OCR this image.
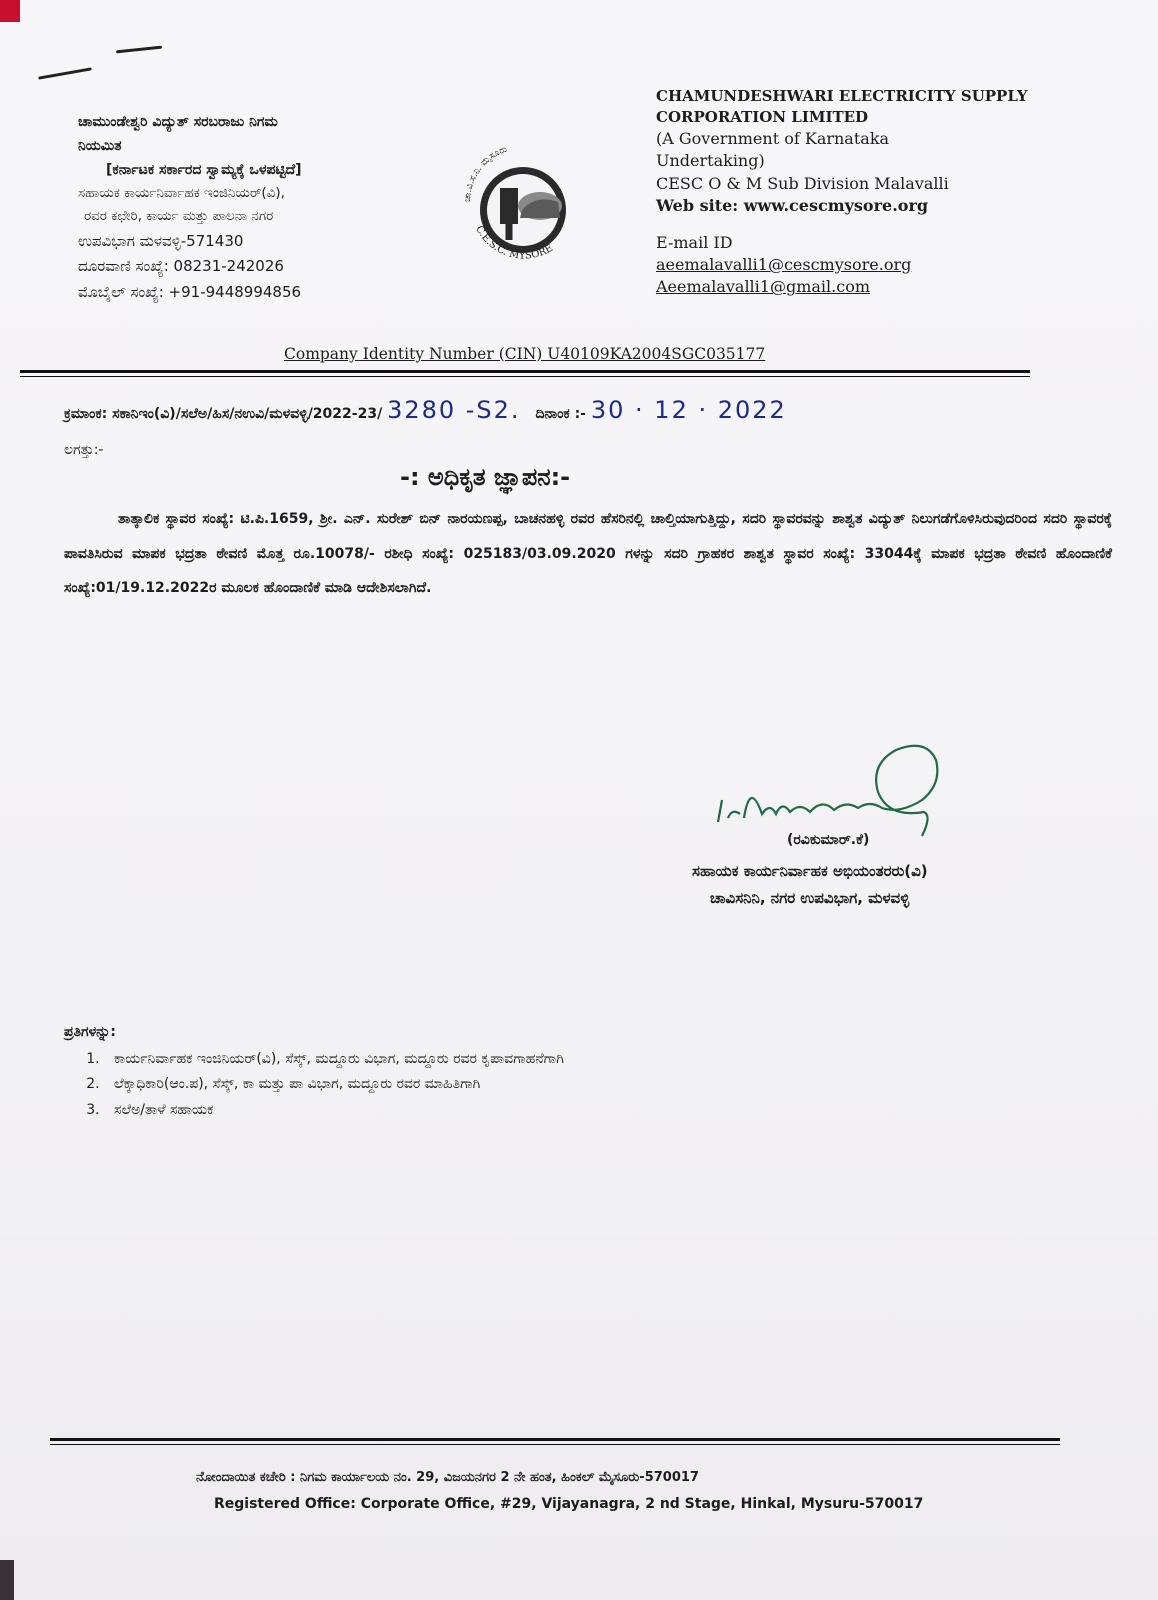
ಚಾಮುಂಡೇಶ್ವರಿ ವಿದ್ಯುತ್ ಸರಬರಾಜು ನಿಗಮ
ನಿಯಮಿತ
[ಕರ್ನಾಟಕ ಸರ್ಕಾರದ ಸ್ವಾಮ್ಯಕ್ಕೆ ಒಳಪಟ್ಟಿದೆ]
ಸಹಾಯಕ ಕಾರ್ಯನಿರ್ವಾಹಕ ಇಂಜಿನಿಯರ್(ವಿ),
ರವರ ಕಛೇರಿ, ಕಾರ್ಯ ಮತ್ತು ಪಾಲನಾ ನಗರ
ಉಪವಿಭಾಗ ಮಳವಳ್ಳಿ-571430
ದೂರವಾಣಿ ಸಂಖ್ಯೆ: 08231-242026
ಮೊಬೈಲ್ ಸಂಖ್ಯೆ: +91-9448994856
ಚಾ.ವಿ.ಸ.ನಿ. ಮೈಸೂರು
C.E.S.C. MYSORE
CHAMUNDESHWARI ELECTRICITY SUPPLY
CORPORATION LIMITED
(A Government of Karnataka
Undertaking)
CESC O & M Sub Division Malavalli
Web site: www.cescmysore.org
E-mail ID
aeemalavalli1@cescmysore.org
Aeemalavalli1@gmail.com
Company Identity Number (CIN) U40109KA2004SGC035177
ಕ್ರಮಾಂಕ: ಸಕಾನಿಇಂ(ವಿ)/ಸಲೆಅ/ಹಿಸ/ನಉವಿ/ಮಳವಳ್ಳಿ/2022-23/ 3280 -S2. ದಿನಾಂಕ :- 30 · 12 · 2022
ಲಗತ್ತು:-
-: ಅಧಿಕೃತ ಜ್ಞಾಪನ:-

ತಾತ್ಕಾಲಿಕ ಸ್ಥಾವರ ಸಂಖ್ಯೆ: ಟಿ.ಪಿ.1659, ಶ್ರೀ. ಎನ್. ಸುರೇಶ್ ಬಿನ್ ನಾರಯಣಪ್ಪ, ಬಾಚನಹಳ್ಳಿ ರವರ ಹೆಸರಿನಲ್ಲಿ ಚಾಲ್ತಿಯಾಗುತ್ತಿದ್ದು, ಸದರಿ ಸ್ಥಾವರವನ್ನು ಶಾಶ್ವತ ವಿದ್ಯುತ್ ನಿಲುಗಡೆಗೊಳಿಸಿರುವುದರಿಂದ ಸದರಿ ಸ್ಥಾವರಕ್ಕೆ ಪಾವತಿಸಿರುವ ಮಾಪಕ ಭದ್ರತಾ ಠೇವಣಿ ಮೊತ್ತ ರೂ.10078/- ರಶೀಧಿ ಸಂಖ್ಯೆ: 025183/03.09.2020 ಗಳನ್ನು ಸದರಿ ಗ್ರಾಹಕರ ಶಾಶ್ವತ ಸ್ಥಾವರ ಸಂಖ್ಯೆ: 33044ಕ್ಕೆ ಮಾಪಕ ಭದ್ರತಾ ಠೇವಣಿ ಹೊಂದಾಣಿಕೆ ಸಂಖ್ಯೆ:01/19.12.2022ರ ಮೂಲಕ ಹೊಂದಾಣಿಕೆ ಮಾಡಿ ಆದೇಶಿಸಲಾಗಿದೆ.

(ರವಿಕುಮಾರ್.ಕೆ)
ಸಹಾಯಕ ಕಾರ್ಯನಿರ್ವಾಹಕ ಅಭಿಯಂತರರು(ವಿ)
ಚಾವಿಸನಿನಿ, ನಗರ ಉಪವಿಭಾಗ, ಮಳವಳ್ಳಿ
ಪ್ರತಿಗಳನ್ನು:
1. ಕಾರ್ಯನಿರ್ವಾಹಕ ಇಂಜಿನಿಯರ್(ವಿ), ಸೆಸ್ಕ್, ಮದ್ದೂರು ವಿಭಾಗ, ಮದ್ದೂರು ರವರ ಕೃಪಾವಗಾಹನೆಗಾಗಿ
2. ಲೆಕ್ಕಾಧಿಕಾರಿ(ಆಂ.ಪ), ಸೆಸ್ಕ್, ಕಾ ಮತ್ತು ಪಾ ವಿಭಾಗ, ಮದ್ದೂರು ರವರ ಮಾಹಿತಿಗಾಗಿ
3. ಸಲೆಅ/ತಾಳೆ ಸಹಾಯಕ
ನೋಂದಾಯಿತ ಕಚೇರಿ : ನಿಗಮ ಕಾರ್ಯಾಲಯ ನಂ. 29, ವಿಜಯನಗರ 2 ನೇ ಹಂತ, ಹಿಂಕಲ್ ಮೈಸೂರು-570017
Registered Office: Corporate Office, #29, Vijayanagra, 2 nd Stage, Hinkal, Mysuru-570017
